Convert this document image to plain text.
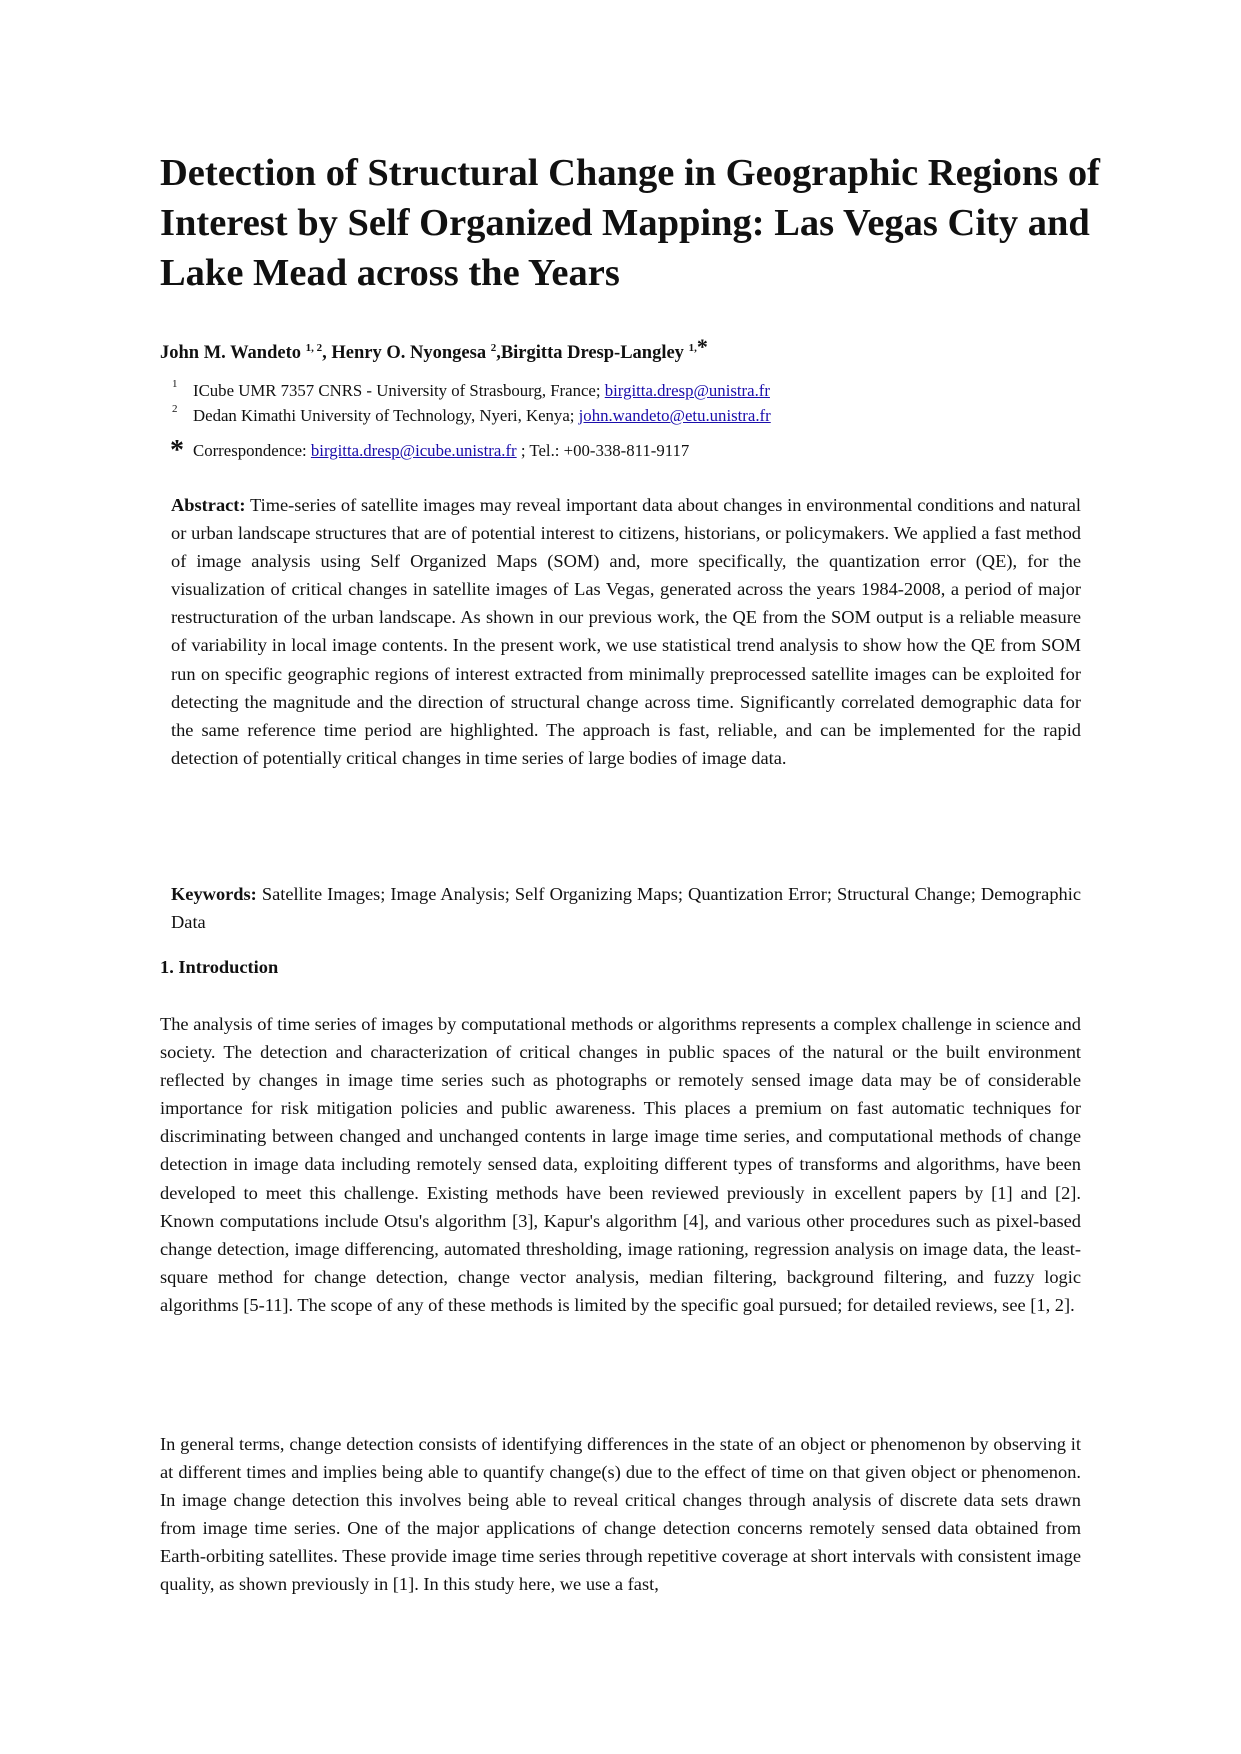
Detection of Structural Change in Geographic Regions of Interest by Self Organized Mapping: Las Vegas City and Lake Mead across the Years
John M. Wandeto $^{1, 2}$, Henry O. Nyongesa $^2$,Birgitta Dresp-Langley $^{1,*}$
1 ICube UMR 7357 CNRS - University of Strasbourg, France; birgitta.dresp@unistra.fr
2 Dedan Kimathi University of Technology, Nyeri, Kenya; john.wandeto@etu.unistra.fr
* Correspondence: birgitta.dresp@icube.unistra.fr ; Tel.: +00-338-811-9117
Abstract: Time-series of satellite images may reveal important data about changes in environmental conditions and natural or urban landscape structures that are of potential interest to citizens, historians, or policymakers. We applied a fast method of image analysis using Self Organized Maps (SOM) and, more specifically, the quantization error (QE), for the visualization of critical changes in satellite images of Las Vegas, generated across the years 1984-2008, a period of major restructuration of the urban landscape. As shown in our previous work, the QE from the SOM output is a reliable measure of variability in local image contents. In the present work, we use statistical trend analysis to show how the QE from SOM run on specific geographic regions of interest extracted from minimally preprocessed satellite images can be exploited for detecting the magnitude and the direction of structural change across time. Significantly correlated demographic data for the same reference time period are highlighted. The approach is fast, reliable, and can be implemented for the rapid detection of potentially critical changes in time series of large bodies of image data.
Keywords: Satellite Images; Image Analysis; Self Organizing Maps; Quantization Error; Structural Change; Demographic Data
1. Introduction
The analysis of time series of images by computational methods or algorithms represents a complex challenge in science and society. The detection and characterization of critical changes in public spaces of the natural or the built environment reflected by changes in image time series such as photographs or remotely sensed image data may be of considerable importance for risk mitigation policies and public awareness. This places a premium on fast automatic techniques for discriminating between changed and unchanged contents in large image time series, and computational methods of change detection in image data including remotely sensed data, exploiting different types of transforms and algorithms, have been developed to meet this challenge. Existing methods have been reviewed previously in excellent papers by [1] and [2]. Known computations include Otsu's algorithm [3], Kapur's algorithm [4], and various other procedures such as pixel-based change detection, image differencing, automated thresholding, image rationing, regression analysis on image data, the least-square method for change detection, change vector analysis, median filtering, background filtering, and fuzzy logic algorithms [5-11]. The scope of any of these methods is limited by the specific goal pursued; for detailed reviews, see [1, 2].
In general terms, change detection consists of identifying differences in the state of an object or phenomenon by observing it at different times and implies being able to quantify change(s) due to the effect of time on that given object or phenomenon. In image change detection this involves being able to reveal critical changes through analysis of discrete data sets drawn from image time series. One of the major applications of change detection concerns remotely sensed data obtained from Earth-orbiting satellites. These provide image time series through repetitive coverage at short intervals with consistent image quality, as shown previously in [1]. In this study here, we use a fast,
